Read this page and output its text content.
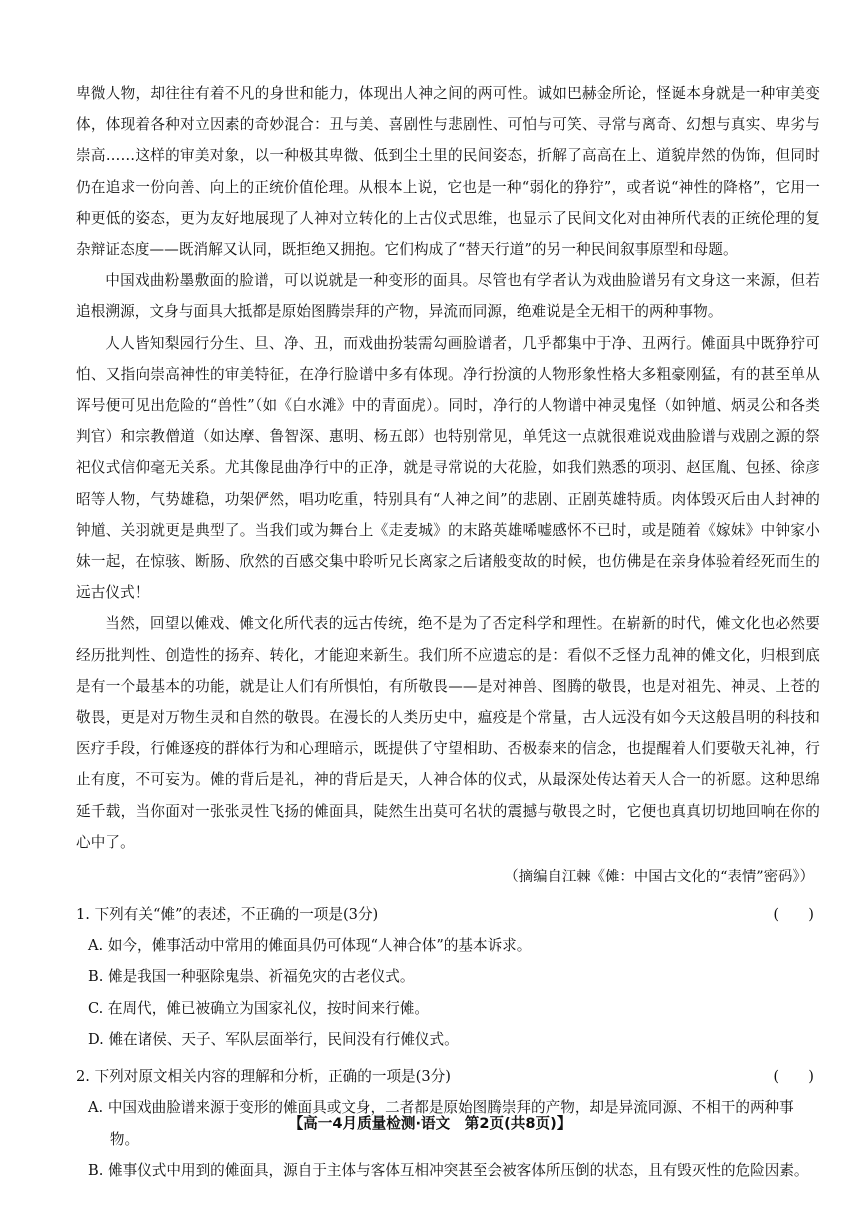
卑微人物，却往往有着不凡的身世和能力，体现出人神之间的两可性。诚如巴赫金所论，怪诞本身就是一种审美变体，体现着各种对立因素的奇妙混合：丑与美、喜剧性与悲剧性、可怕与可笑、寻常与离奇、幻想与真实、卑劣与崇高……这样的审美对象，以一种极其卑微、低到尘土里的民间姿态，折解了高高在上、道貌岸然的伪饰，但同时仍在追求一份向善、向上的正统价值伦理。从根本上说，它也是一种“弱化的狰狞”，或者说“神性的降格”，它用一种更低的姿态，更为友好地展现了人神对立转化的上古仪式思维，也显示了民间文化对由神所代表的正统伦理的复杂辩证态度——既消解又认同，既拒绝又拥抱。它们构成了“替天行道”的另一种民间叙事原型和母题。

中国戏曲粉墨敷面的脸谱，可以说就是一种变形的面具。尽管也有学者认为戏曲脸谱另有文身这一来源，但若追根溯源，文身与面具大抵都是原始图腾崇拜的产物，异流而同源，绝难说是全无相干的两种事物。

人人皆知梨园行分生、旦、净、丑，而戏曲扮装需勾画脸谱者，几乎都集中于净、丑两行。傩面具中既狰狞可怕、又指向崇高神性的审美特征，在净行脸谱中多有体现。净行扮演的人物形象性格大多粗豪刚猛，有的甚至单从诨号便可见出危险的“兽性”（如《白水滩》中的青面虎）。同时，净行的人物谱中神灵鬼怪（如钟馗、炳灵公和各类判官）和宗教僧道（如达摩、鲁智深、惠明、杨五郎）也特别常见，单凭这一点就很难说戏曲脸谱与戏剧之源的祭祀仪式信仰毫无关系。尤其像昆曲净行中的正净，就是寻常说的大花脸，如我们熟悉的项羽、赵匡胤、包拯、徐彦昭等人物，气势雄稳，功架俨然，唱功吃重，特别具有“人神之间”的悲剧、正剧英雄特质。肉体毁灭后由人封神的钟馗、关羽就更是典型了。当我们或为舞台上《走麦城》的末路英雄唏嘘感怀不已时，或是随着《嫁妹》中钟家小妹一起，在惊骇、断肠、欣然的百感交集中聆听兄长离家之后诸般变故的时候，也仿佛是在亲身体验着经死而生的远古仪式！

当然，回望以傩戏、傩文化所代表的远古传统，绝不是为了否定科学和理性。在崭新的时代，傩文化也必然要经历批判性、创造性的扬弃、转化，才能迎来新生。我们所不应遗忘的是：看似不乏怪力乱神的傩文化，归根到底是有一个最基本的功能，就是让人们有所惧怕，有所敬畏——是对神兽、图腾的敬畏，也是对祖先、神灵、上苍的敬畏，更是对万物生灵和自然的敬畏。在漫长的人类历史中，瘟疫是个常量，古人远没有如今天这般昌明的科技和医疗手段，行傩逐疫的群体行为和心理暗示，既提供了守望相助、否极泰来的信念，也提醒着人们要敬天礼神，行止有度，不可妄为。傩的背后是礼，神的背后是天，人神合体的仪式，从最深处传达着天人合一的祈愿。这种思绵延千载，当你面对一张张灵性飞扬的傩面具，陡然生出莫可名状的震撼与敬畏之时，它便也真真切切地回响在你的心中了。

（摘编自江棘《傩：中国古文化的“表情”密码》）

1. 下列有关“傩”的表述，不正确的一项是(3分)	(　　)

A. 如今，傩事活动中常用的傩面具仍可体现“人神合体”的基本诉求。

B. 傩是我国一种驱除鬼祟、祈福免灾的古老仪式。

C. 在周代，傩已被确立为国家礼仪，按时间来行傩。

D. 傩在诸侯、天子、军队层面举行，民间没有行傩仪式。

2. 下列对原文相关内容的理解和分析，正确的一项是(3分)	(　　)

A. 中国戏曲脸谱来源于变形的傩面具或文身，二者都是原始图腾崇拜的产物，却是异流同源、不相干的两种事物。

B. 傩事仪式中用到的傩面具，源自于主体与客体互相冲突甚至会被客体所压倒的状态，且有毁灭性的危险因素。

【高一4月质量检测·语文　第2页(共8页)】
